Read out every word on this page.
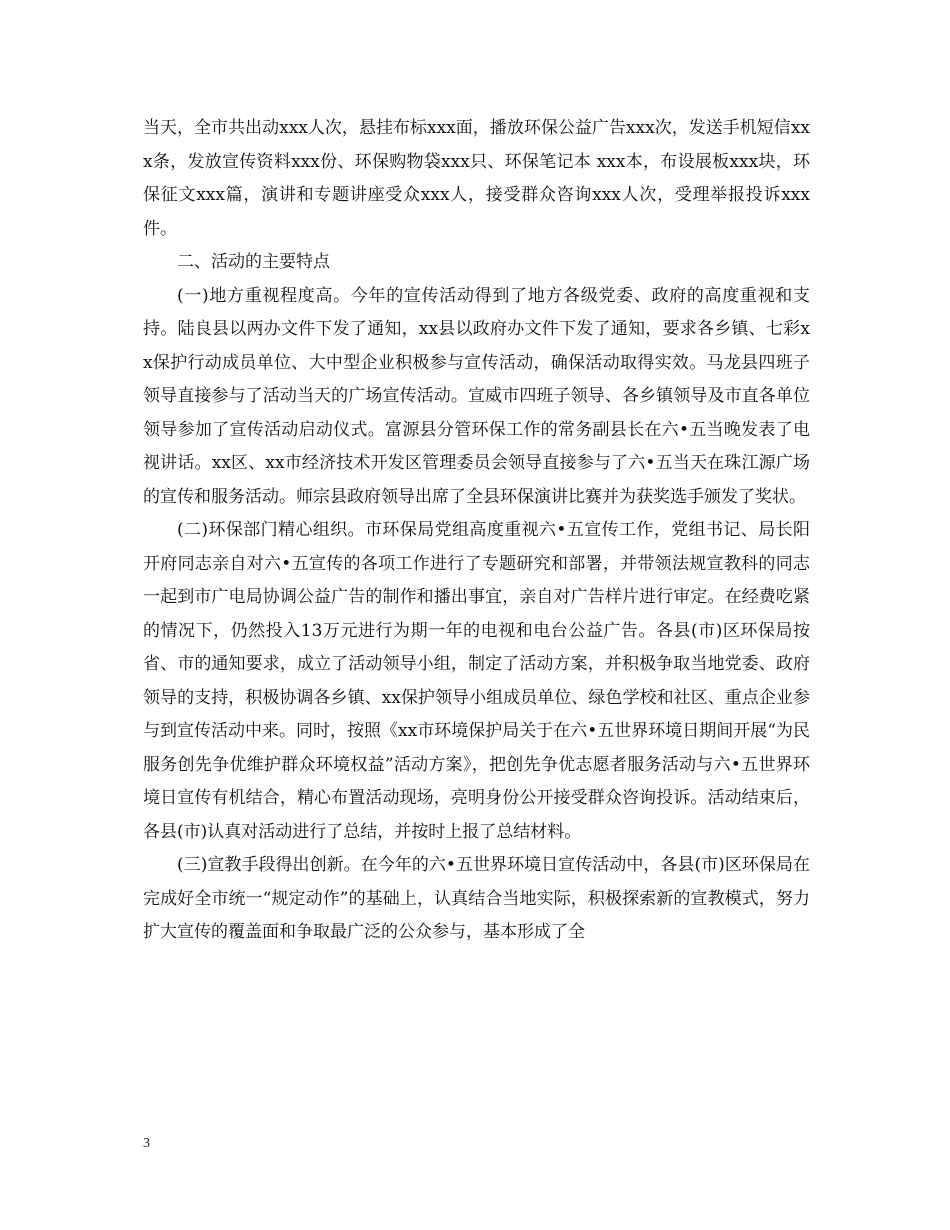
当天，全市共出动xxx人次，悬挂布标xxx面，播放环保公益广告xxx次，发送手机短信xxx条，发放宣传资料xxx份、环保购物袋xxx只、环保笔记本 xxx本，布设展板xxx块，环保征文xxx篇，演讲和专题讲座受众xxx人，接受群众咨询xxx人次，受理举报投诉xxx件。

二、活动的主要特点

(一)地方重视程度高。今年的宣传活动得到了地方各级党委、政府的高度重视和支持。陆良县以两办文件下发了通知，xx县以政府办文件下发了通知，要求各乡镇、七彩xx保护行动成员单位、大中型企业积极参与宣传活动，确保活动取得实效。马龙县四班子领导直接参与了活动当天的广场宣传活动。宣威市四班子领导、各乡镇领导及市直各单位领导参加了宣传活动启动仪式。富源县分管环保工作的常务副县长在六•五当晚发表了电视讲话。xx区、xx市经济技术开发区管理委员会领导直接参与了六•五当天在珠江源广场的宣传和服务活动。师宗县政府领导出席了全县环保演讲比赛并为获奖选手颁发了奖状。

(二)环保部门精心组织。市环保局党组高度重视六•五宣传工作，党组书记、局长阳开府同志亲自对六•五宣传的各项工作进行了专题研究和部署，并带领法规宣教科的同志一起到市广电局协调公益广告的制作和播出事宜，亲自对广告样片进行审定。在经费吃紧的情况下，仍然投入13万元进行为期一年的电视和电台公益广告。各县(市)区环保局按省、市的通知要求，成立了活动领导小组，制定了活动方案，并积极争取当地党委、政府领导的支持，积极协调各乡镇、xx保护领导小组成员单位、绿色学校和社区、重点企业参与到宣传活动中来。同时，按照《xx市环境保护局关于在六•五世界环境日期间开展“为民服务创先争优维护群众环境权益”活动方案》，把创先争优志愿者服务活动与六•五世界环境日宣传有机结合，精心布置活动现场，亮明身份公开接受群众咨询投诉。活动结束后，各县(市)认真对活动进行了总结，并按时上报了总结材料。

(三)宣教手段得出创新。在今年的六•五世界环境日宣传活动中，各县(市)区环保局在完成好全市统一“规定动作”的基础上，认真结合当地实际，积极探索新的宣教模式，努力扩大宣传的覆盖面和争取最广泛的公众参与，基本形成了全

3
